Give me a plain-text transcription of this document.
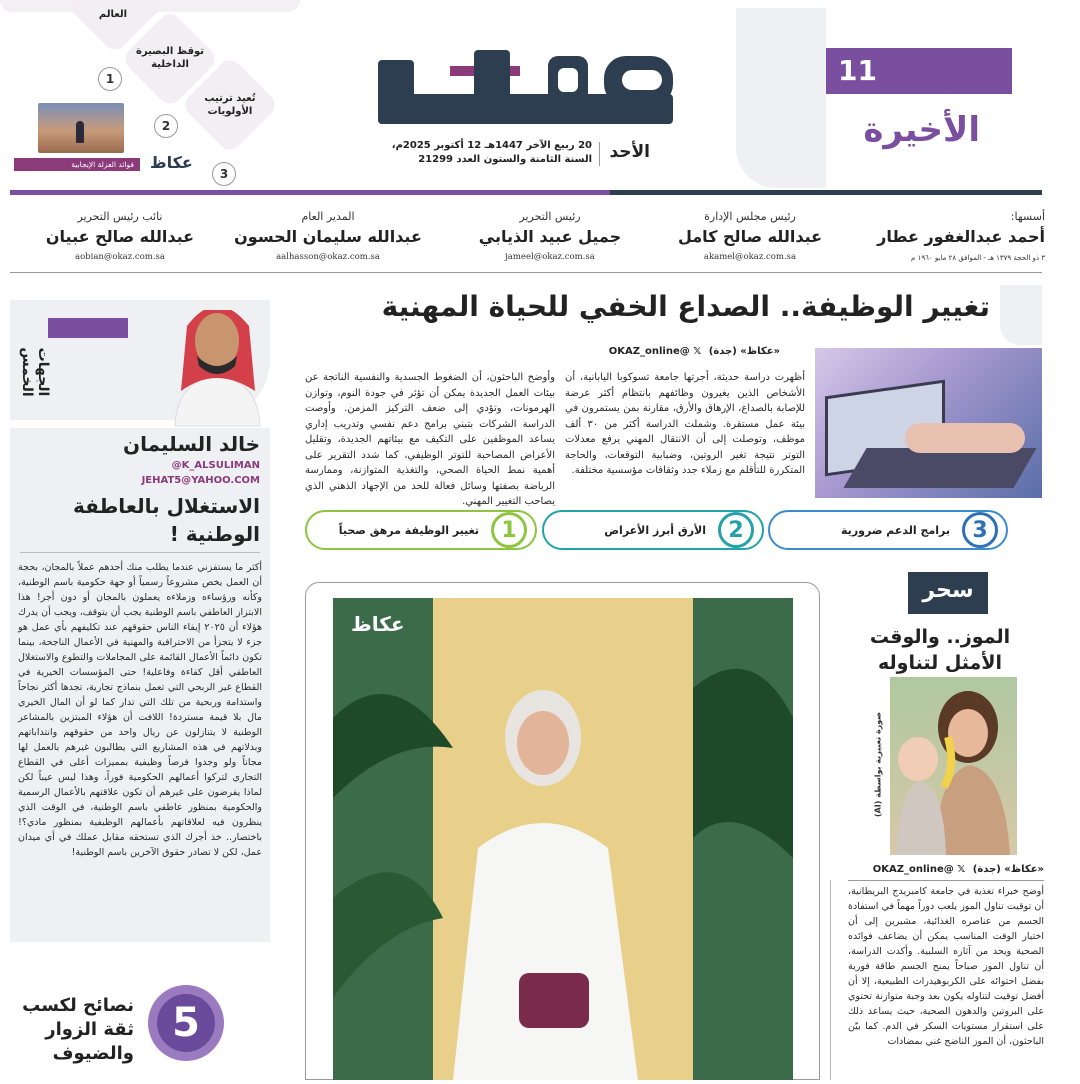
العالم
توقظ البصيرة الداخلية
تُعيد ترتيب الأولويات
1
2
3
فوائد العزلة الإيجابية	عكاظ
11
الأخيرة
الأحد
20 ربيع الآخر 1447هـ 12 أكتوبر 2025م،
السنة الثامنة والستون العدد 21299
أسسها:
أحمد عبدالغفور عطار
٣ ذو الحجة ١٣٧٩ هـ - الموافق ٢٨ مايو ١٩٦٠ م
رئيس مجلس الإدارة
عبدالله صالح كامل
akamel@okaz.com.sa
رئيس التحرير
جميل عبيد الذيابي
jameel@okaz.com.sa
المدير العام
عبدالله سليمان الحسون
aalhasson@okaz.com.sa
نائب رئيس التحرير
عبدالله صالح عبيان
aobian@okaz.com.sa
تغيير الوظيفة.. الصداع الخفي للحياة المهنية
«عكاظ» (جدة) OKAZ_online@ 𝕏
أظهرت دراسة حديثة، أجرتها جامعة تسوكوبا اليابانية، أن الأشخاص الذين يغيرون وظائفهم بانتظام أكثر عرضة للإصابة بالصداع، الإرهاق والأرق، مقارنة بمن يستمرون في بيئة عمل مستقرة. وشملت الدراسة أكثر من ٣٠ ألف موظف، وتوصلت إلى أن الانتقال المهني يرفع معدلات التوتر نتيجة تغير الروتين، وضبابية التوقعات، والحاجة المتكررة للتأقلم مع زملاء جدد وثقافات مؤسسية مختلفة.
وأوضح الباحثون، أن الضغوط الجسدية والنفسية الناتجة عن بيئات العمل الجديدة يمكن أن تؤثر في جودة النوم، وتوازن الهرمونات، وتؤدي إلى ضعف التركيز المزمن. وأوصت الدراسة الشركات بتبني برامج دعم نفسي وتدريب إداري يساعد الموظفين على التكيف مع بيئاتهم الجديدة، وتقليل الأعراض المصاحبة للتوتر الوظيفي، كما شدد التقرير على أهمية نمط الحياة الصحي، والتغذية المتوازنة، وممارسة الرياضة بصفتها وسائل فعالة للحد من الإجهاد الذهني الذي يصاحب التغيير المهني.
3
برامج الدعم ضرورية
2
الأرق أبرز الأعراض
1
تغيير الوظيفة مرهق صحياً
الجهات الخمس
خالد السليمان
@K_ALSULIMAN
JEHAT5@YAHOO.COM
الاستغلال بالعاطفة الوطنية !
أكثر ما يستفزني عندما يطلب منك أحدهم عملاً بالمجان، بحجة أن العمل يخص مشروعاً رسمياً أو جهة حكومية باسم الوطنية، وكأنه ورؤساءه وزملاءه يعملون بالمجان أو دون أجر! هذا الابتزاز العاطفي باسم الوطنية يجب أن يتوقف، ويجب أن يدرك هؤلاء أن ٢٠٢٥ إيفاء الناس حقوقهم عند تكليفهم بأي عمل هو جزء لا يتجزأ من الاحترافية والمهنية في الأعمال الناجحة، بينما تكون دائماً الأعمال القائمة على المجاملات والتطوع والاستغلال العاطفي أقل كفاءة وفاعلية! حتى المؤسسات الخيرية في القطاع غير الربحي التي تعمل بنماذج تجارية، تجدها أكثر نجاحاً واستدامة وربحية من تلك التي تدار كما لو أن المال الخيري مال بلا قيمة مستردة! اللافت أن هؤلاء المبتزين بالمشاعر الوطنية لا يتنازلون عن ريال واحد من حقوقهم وانتداباتهم وبدلاتهم في هذه المشاريع التي يطالبون غيرهم بالعمل لها مجاناً ولو وجدوا فرصاً وظيفية بمميزات أعلى في القطاع التجاري لتركوا أعمالهم الحكومية فوراً، وهذا ليس عيباً لكن لماذا يفرضون على غيرهم أن تكون علاقتهم بالأعمال الرسمية والحكومية بمنظور عاطفي باسم الوطنية، في الوقت الذي ينظرون فيه لعلاقاتهم بأعمالهم الوظيفية بمنظور مادي؟! باختصار.. خذ أجرك الذي تستحقه مقابل عملك في أي ميدان عمل، لكن لا تصادر حقوق الآخرين باسم الوطنية!
5
نصائح لكسب ثقة الزوار والضيوف
عكاظ
سحر
الموز.. والوقت الأمثل لتناوله
صورة تعبيرية بواسطة (AI)
«عكاظ» (جدة) OKAZ_online@ 𝕏
أوضح خبراء تغذية في جامعة كامبريدج البريطانية، أن توقيت تناول الموز يلعب دوراً مهماً في استفادة الجسم من عناصره الغذائية، مشيرين إلى أن اختيار الوقت المناسب يمكن أن يضاعف فوائده الصحية ويحد من آثاره السلبية. وأكدت الدراسة، أن تناول الموز صباحاً يمنح الجسم طاقة فورية بفضل احتوائه على الكربوهيدرات الطبيعية، إلا أن أفضل توقيت لتناوله يكون بعد وجبة متوازنة تحتوي على البروتين والدهون الصحية، حيث يساعد ذلك على استقرار مستويات السكر في الدم. كما بيّن الباحثون، أن الموز الناضج غني بمضادات
